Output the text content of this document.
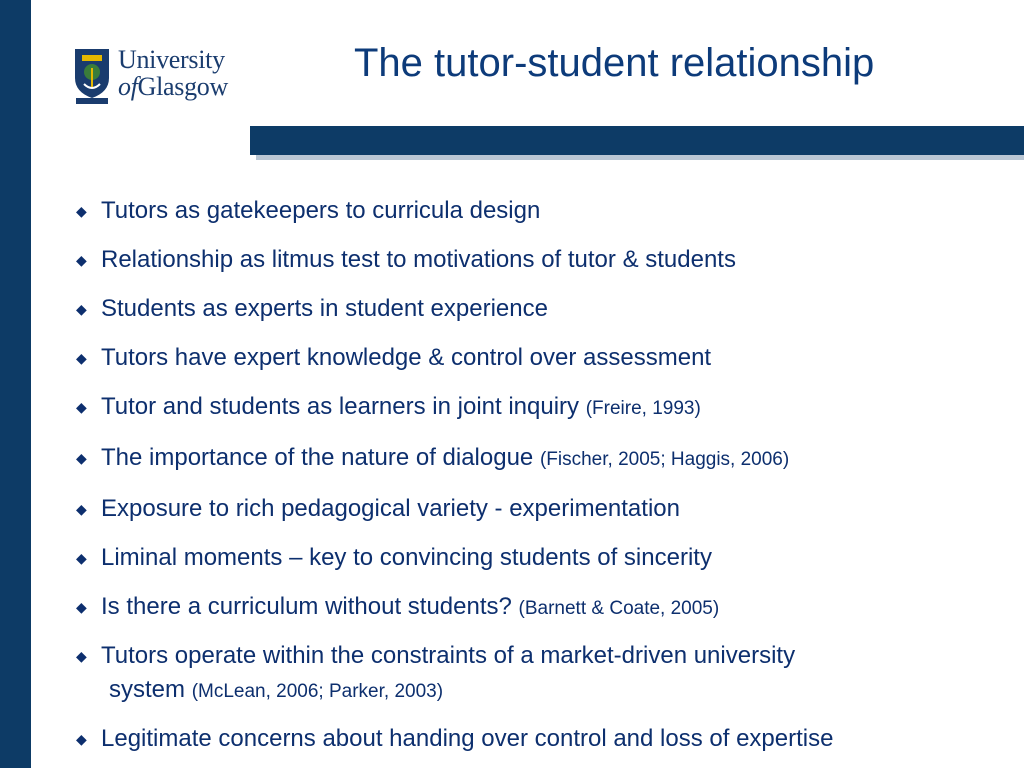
University
ofGlasgow
The tutor-student relationship
◆ Tutors as gatekeepers to curricula design
◆ Relationship as litmus test to motivations of tutor & students
◆ Students as experts in student experience
◆ Tutors have expert knowledge & control over assessment
◆ Tutor and students as learners in joint inquiry (Freire, 1993)
◆ The importance of the nature of dialogue (Fischer, 2005; Haggis, 2006)
◆ Exposure to rich pedagogical variety - experimentation
◆ Liminal moments – key to convincing students of sincerity
◆ Is there a curriculum without students? (Barnett & Coate, 2005)
◆ Tutors operate within the constraints of a market-driven university
system (McLean, 2006; Parker, 2003)
◆ Legitimate concerns about handing over control and loss of expertise
